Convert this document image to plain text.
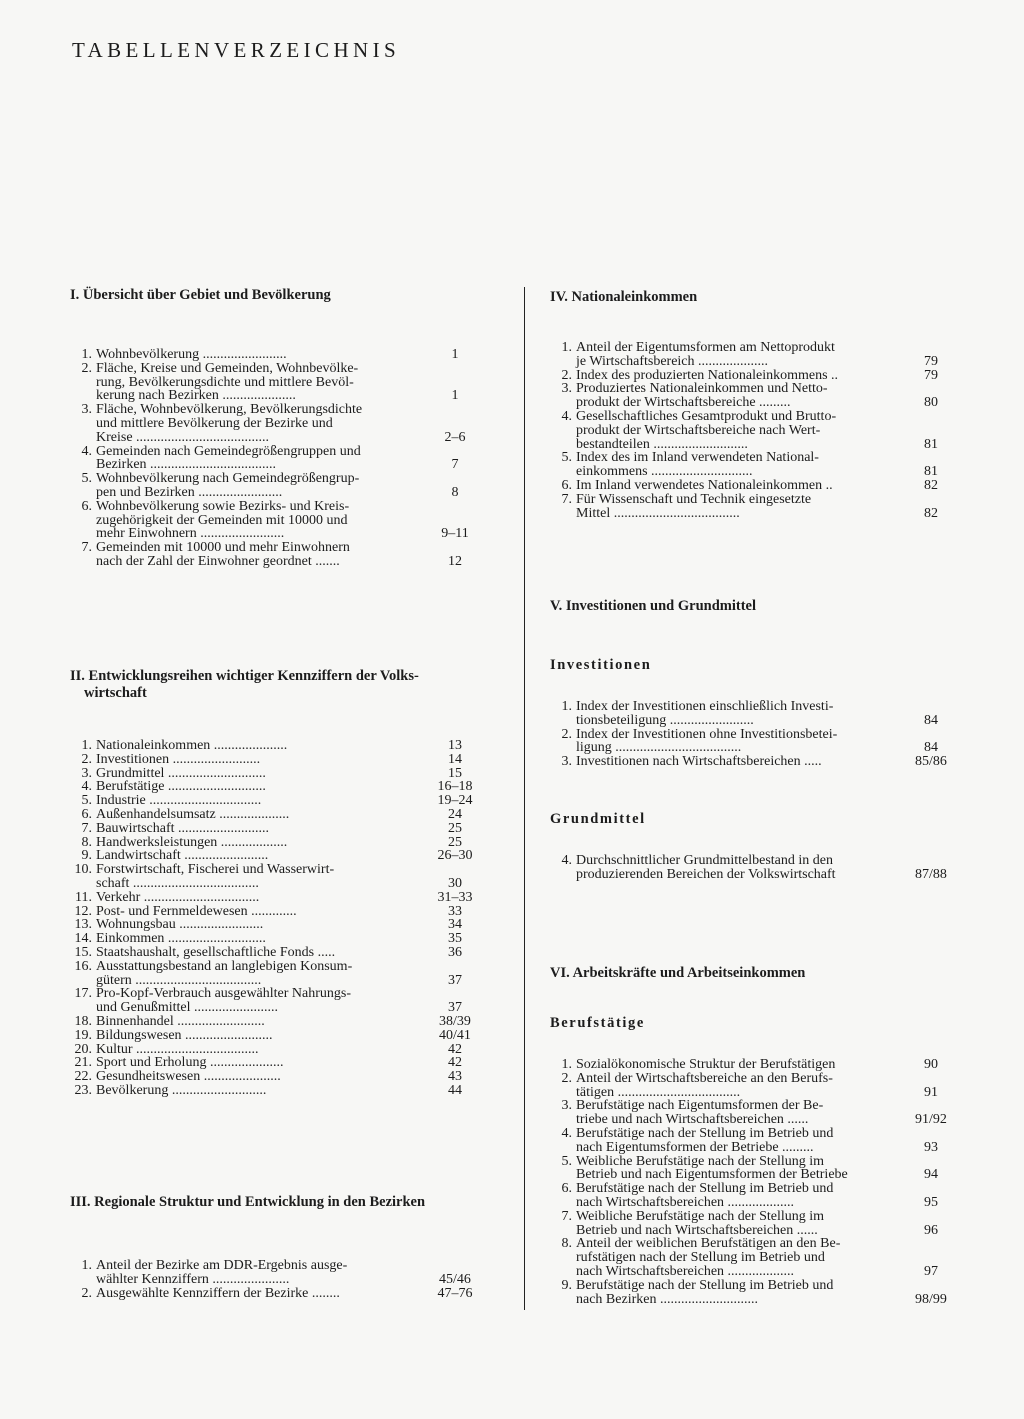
TABELLENVERZEICHNIS
I. Übersicht über Gebiet und Bevölkerung
1. Wohnbevölkerung ........................	1
2. Fläche, Kreise und Gemeinden, Wohnbevölke-
rung, Bevölkerungsdichte und mittlere Bevöl-
kerung nach Bezirken .....................	1
3. Fläche, Wohnbevölkerung, Bevölkerungsdichte
und mittlere Bevölkerung der Bezirke und
Kreise ......................................	2–6
4. Gemeinden nach Gemeindegrößengruppen und
Bezirken ....................................	7
5. Wohnbevölkerung nach Gemeindegrößengrup-
pen und Bezirken ........................	8
6. Wohnbevölkerung sowie Bezirks- und Kreis-
zugehörigkeit der Gemeinden mit 10000 und
mehr Einwohnern ........................	9–11
7. Gemeinden mit 10000 und mehr Einwohnern
nach der Zahl der Einwohner geordnet .......	12
II. Entwicklungsreihen wichtiger Kennziffern der Volks-
wirtschaft
1. Nationaleinkommen .....................	13
2. Investitionen .........................	14
3. Grundmittel ............................	15
4. Berufstätige ............................	16–18
5. Industrie ................................	19–24
6. Außenhandelsumsatz ....................	24
7. Bauwirtschaft ..........................	25
8. Handwerksleistungen ...................	25
9. Landwirtschaft ........................	26–30
10. Forstwirtschaft, Fischerei und Wasserwirt-
schaft ....................................	30
11. Verkehr .................................	31–33
12. Post- und Fernmeldewesen .............	33
13. Wohnungsbau ........................	34
14. Einkommen ............................	35
15. Staatshaushalt, gesellschaftliche Fonds .....	36
16. Ausstattungsbestand an langlebigen Konsum-
gütern ....................................	37
17. Pro-Kopf-Verbrauch ausgewählter Nahrungs-
und Genußmittel ........................	37
18. Binnenhandel .........................	38/39
19. Bildungswesen .........................	40/41
20. Kultur ...................................	42
21. Sport und Erholung .....................	42
22. Gesundheitswesen ......................	43
23. Bevölkerung ...........................	44
III. Regionale Struktur und Entwicklung in den Bezirken
1. Anteil der Bezirke am DDR-Ergebnis ausge-
wählter Kennziffern ......................	45/46
2. Ausgewählte Kennziffern der Bezirke ........	47–76
IV. Nationaleinkommen
1. Anteil der Eigentumsformen am Nettoprodukt
je Wirtschaftsbereich ....................	79
2. Index des produzierten Nationaleinkommens ..	79
3. Produziertes Nationaleinkommen und Netto-
produkt der Wirtschaftsbereiche .........	80
4. Gesellschaftliches Gesamtprodukt und Brutto-
produkt der Wirtschaftsbereiche nach Wert-
bestandteilen ...........................	81
5. Index des im Inland verwendeten National-
einkommens .............................	81
6. Im Inland verwendetes Nationaleinkommen ..	82
7. Für Wissenschaft und Technik eingesetzte
Mittel ....................................	82
V. Investitionen und Grundmittel
Investitionen
1. Index der Investitionen einschließlich Investi-
tionsbeteiligung ........................	84
2. Index der Investitionen ohne Investitionsbetei-
ligung ....................................	84
3. Investitionen nach Wirtschaftsbereichen .....	85/86
Grundmittel
4. Durchschnittlicher Grundmittelbestand in den
produzierenden Bereichen der Volkswirtschaft	87/88
VI. Arbeitskräfte und Arbeitseinkommen
Berufstätige
1. Sozialökonomische Struktur der Berufstätigen	90
2. Anteil der Wirtschaftsbereiche an den Berufs-
tätigen ...................................	91
3. Berufstätige nach Eigentumsformen der Be-
triebe und nach Wirtschaftsbereichen ......	91/92
4. Berufstätige nach der Stellung im Betrieb und
nach Eigentumsformen der Betriebe .........	93
5. Weibliche Berufstätige nach der Stellung im
Betrieb und nach Eigentumsformen der Betriebe	94
6. Berufstätige nach der Stellung im Betrieb und
nach Wirtschaftsbereichen ...................	95
7. Weibliche Berufstätige nach der Stellung im
Betrieb und nach Wirtschaftsbereichen ......	96
8. Anteil der weiblichen Berufstätigen an den Be-
rufstätigen nach der Stellung im Betrieb und
nach Wirtschaftsbereichen ...................	97
9. Berufstätige nach der Stellung im Betrieb und
nach Bezirken ............................	98/99
